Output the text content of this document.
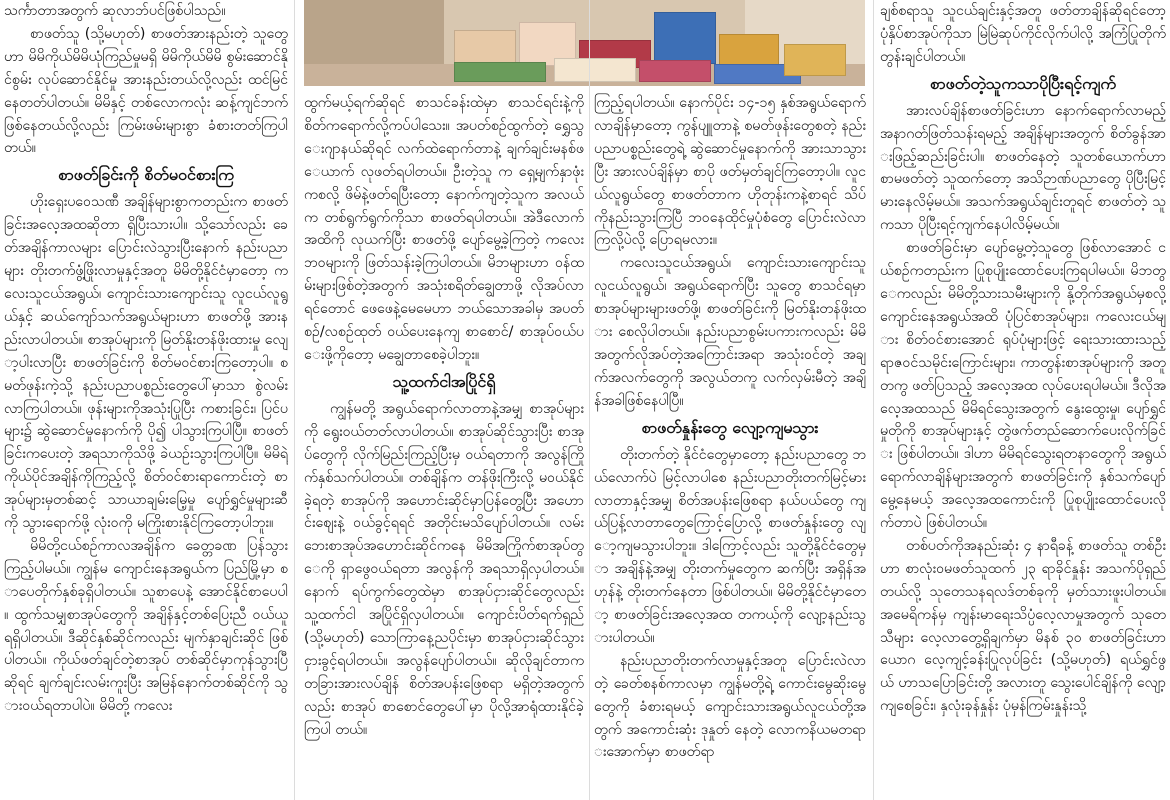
သင်္ကာတာအတွက် ဆုလာဘ်ပင်ဖြစ်ပါသည်။

စာဖတ်သူ (သို့မဟုတ်) စာဖတ်အားနည်းတဲ့ သူတွေဟာ မိမိကိုယ်မိမိယုံကြည်မှုမရှိ မိမိကိုယ်မိမိ စွမ်းဆောင်နိုင်စွမ်း လုပ်ဆောင်နိုင်မှု အားနည်းတယ်လို့လည်း ထင်မြင်နေတတ်ပါတယ်။ မိမိနှင့် တစ်လောကလုံး ဆန့်ကျင်ဘက်ဖြစ်နေတယ်လို့လည်း ကြမ်းဖမ်းများစွာ ခံစားတတ်ကြပါတယ်။

စာဖတ်ခြင်းကို စိတ်မဝင်စားကြ

ဟိုးရှေးပဝေသဏီ အချိန်များစွာကတည်းက စာဖတ်ခြင်းအလေ့အထဆိုတာ ရှိပြီးသားပါ။ သို့သော်လည်း ခေတ်အချိန်ကာလများ ပြောင်းလဲသွားပြီးနောက် နည်းပညာများ တိုးတက်ဖွံ့ဖြိုးလာမှုနှင့်အတူ မိမိတို့နိုင်ငံမှာတော့ ကလေးသူငယ်အရွယ်၊ ကျောင်းသားကျောင်းသူ လူငယ်လူရွယ်နှင့် ဆယ်ကျော်သက်အရွယ်များဟာ စာဖတ်ဖို့ အားနည်းလာပါတယ်။ စာအုပ်များကို မြတ်နိုးတန်ဖိုးထားမှု လျော့ပါးလာပြီး စာဖတ်ခြင်းကို စိတ်မဝင်စားကြတော့ပါ။ စမတ်ဖုန်းကဲ့သို့ နည်းပညာပစ္စည်းတွေပေါ်မှာသာ စွဲလမ်းလာကြပါတယ်။ ဖုန်းများကိုအသုံးပြုပြီး ကစားခြင်း၊ ပြင်ပများ၌ ဆွဲဆောင်မှုနောက်ကို ပို၍ ပါသွားကြပါပြီ။ စာဖတ်ခြင်းကပေးတဲ့ အရသာကိုသိဖို့ ခဲယဉ်းသွားကြပါပြီ။ မိမိရဲ့ ကိုယ်ပိုင်အချိန်ကိုကြည့်လို့ စိတ်ဝင်စားရာကောင်းတဲ့ စာအုပ်များမှတစ်ဆင့် သာယာချမ်းမြေ့မှု ပျော်ရွှင်မှုများဆီကို သွားရောက်ဖို့ လုံးဝကို မကြိုးစားနိုင်ကြတော့ပါဘူး။

မိမိတို့ငယ်စဉ်ကာလအချိန်က ခေတ္တခဏ ပြန်သွားကြည့်ပါမယ်။ ကျွန်မ ကျောင်းနေအရွယ်က ပြည်မြို့မှာ စာပေတိုက်နှစ်ခုရှိပါတယ်။ သူစာပေနဲ့ အောင်နိုင်စာပေပါ။ ထွက်သမျှစာအုပ်တွေကို အချိန်နှင့်တစ်ပြေးညီ ဝယ်ယူရရှိပါတယ်။ ဒီဆိုင်နှစ်ဆိုင်ကလည်း မျက်နှာချင်းဆိုင် ဖြစ်ပါတယ်။ ကိုယ်ဖတ်ချင်တဲ့စာအုပ် တစ်ဆိုင်မှာကုန်သွားပြီဆိုရင် ချက်ချင်းလမ်းကူးပြီး အမြန်နောက်တစ်ဆိုင်ကို သွားဝယ်ရတာပါပဲ။ မိမိတို့ ကလေး

ထွက်မယ့်ရက်ဆိုရင် စာသင်ခန်းထဲမှာ စာသင်ရင်းနဲ့ကို စိတ်ကရောက်လို့ကပ်ပါသေး။ အပတ်စဉ်ထွက်တဲ့ ရွှေသွေးဂျာနယ်ဆိုရင် လက်ထဲရောက်တာနဲ့ ချက်ချင်းမနစ်ဖေယာက် လုဖတ်ရပါတယ်။ ဦးတဲ့သူ က ရှေ့မျက်နှာဖုံးကစလို့ ဖိမ်နဲ့ဖတ်ရပြီးတော့ နောက်ကျတဲ့သူက အလယ်က တစ်ရွက်ရွက်ကိုသာ စာဖတ်ရပါတယ်။ အဲဒီလောက်အထိကို လုယက်ပြီး စာဖတ်ဖို့ ပျော်မွေ့ခဲ့ကြတဲ့ ကလေးဘဝများကို ဖြတ်သန်းခဲ့ကြပါတယ်။ မိဘများဟာ ဝန်ထမ်းများဖြစ်တဲ့အတွက် အသုံးစရိတ်ချွေတာဖို့ လိုအပ်လာရင်တောင် ဖေဖေနဲ့မေမေဟာ ဘယ်သောအခါမှ အပတ်စဉ်/လစဉ်ထုတ် ဝယ်ပေးနေကျ စာစောင်/ စာအုပ်ဝယ်ပေးဖို့ကိုတော့ မချွေတာစေခဲ့ပါဘူး။

သူ့ထက်ငါအပြိုင်ရှိ

ကျွန်မတို့ အရွယ်ရောက်လာတာနဲ့အမျှ စာအုပ်များကို ရွေးဝယ်တတ်လာပါတယ်။ စာအုပ်ဆိုင်သွားပြီး စာအုပ်တွေကို လိုက်မြည်းကြည့်ပြီးမှ ဝယ်ရတာကို အလွန်ကြိုက်နှစ်သက်ပါတယ်။ တစ်ချိန်က တန်ဖိုးကြီးလို့ မဝယ်နိုင်ခဲ့ရတဲ့ စာအုပ်ကို အဟောင်းဆိုင်မှာပြန်တွေ့ပြီး အဟောင်းစျေးနဲ့ ဝယ်ခွင့်ရရင် အတိုင်းမသိပျော်ပါတယ်။ လမ်းဘေးစာအုပ်အဟောင်းဆိုင်ကနေ မိမိအကြိုက်စာအုပ်တွေကို ရှာဖွေဝယ်ရတာ အလွန်ကို အရသာရှိလှပါတယ်။ နောက် ရပ်ကွက်တွေထဲမှာ စာအုပ်ငှားဆိုင်တွေလည်း သူ့ထက်ငါ အပြိုင်ရှိလှပါတယ်။ ကျောင်းပိတ်ရက်ရှည် (သို့မဟုတ်) သောကြာနေ့ညပိုင်းမှာ စာအုပ်ငှားဆိုင်သွားငှားခွင့်ရပါတယ်။ အလွန်ပျော်ပါတယ်။ ဆိုလိုချင်တာက တခြားအားလပ်ချိန် စိတ်အပန်းဖြေစရာ မရှိတဲ့အတွက်လည်း စာအုပ် စာစောင်တွေပေါ်မှာ ပိုလို့အာရုံထားနိုင်ခဲ့ကြပါ တယ်။

ကြည့်ရပါတယ်။ နောက်ပိုင်း ၁၄-၁၅ နှစ်အရွယ်ရောက်လာချိန်မှာတော့ ကွန်ပျူတာနဲ့ စမတ်ဖုန်းတွေစတဲ့ နည်းပညာပစ္စည်းတွေရဲ့ ဆွဲဆောင်မှုနောက်ကို အားသာသွားပြီး အားလပ်ချိန်မှာ စာပို ဖတ်မှတ်ချင်ကြတော့ပါ။ လူငယ်လူရွယ်တွေ စာဖတ်တာက ဟိုတုန်းကနဲ့စာရင် သိပ်ကိုနည်းသွားကြပြီ ဘဝနေထိုင်မှုပုံစံတွေ ပြောင်းလဲလာကြလို့ပဲလို့ ပြောရမလား။

ကလေးသူငယ်အရွယ်၊ ကျောင်းသားကျောင်းသူ လူငယ်လူရွယ်၊ အရွယ်ရောက်ပြီး သူတွေ စာသင်ရမှာ စာအုပ်များများဖတ်ဖို့၊ စာဖတ်ခြင်းကို မြတ်နိုးတန်ဖိုးထား စေလိုပါတယ်။ နည်းပညာစွမ်းပကားကလည်း မိမိအတွက်လိုအပ်တဲ့အကြောင်းအရာ အသုံးဝင်တဲ့ အချက်အလက်တွေကို အလွယ်တကူ လက်လှမ်းမီတဲ့ အချိန်အခါဖြစ်နေပါပြီ။

စာဖတ်နှုန်းတွေ လျော့ကျမသွား

တိုးတက်တဲ့ နိုင်ငံတွေမှာတော့ နည်းပညာတွေ ဘယ်လောက်ပဲ မြင့်လာပါစေ နည်းပညာတိုးတက်မြင့်မားလာတာနှင့်အမျှ စိတ်အပန်းဖြေစရာ နယ်ပယ်တွေ ကျယ်ပြန့်လာတာတွေကြောင့်ပြောလို့ စာဖတ်နှုန်းတွေ လျော့ကျမသွားပါဘူး။ ဒါကြောင့်လည်း သူတို့နိုင်ငံတွေမှာ အချိန်နဲ့အမျှ တိုးတက်မှုတွေက ဆက်ပြီး အရှိန်အဟုန်နဲ့ တိုးတက်နေတာ ဖြစ်ပါတယ်။ မိမိတို့နိုင်ငံမှာတော့ စာဖတ်ခြင်းအလေ့အထ တကယ့်ကို လျော့နည်းသွားပါတယ်။

နည်းပညာတိုးတက်လာမှုနှင့်အတူ ပြောင်းလဲလာတဲ့ ခေတ်စနစ်ကာလမှာ ကျွန်မတို့ရဲ့ ကောင်းမွေဆိုးမွေတွေကို ခံစားရမယ့် ကျောင်းသားအရွယ်လူငယ်တို့အတွက် အကောင်းဆုံး ဒုနှုတ် နေတဲ့ လောကနိယမတရားအောက်မှာ စာဖတ်ရာ

ချစ်စရာသူ သူငယ်ချင်းနှင့်အတူ ဖတ်တာချိန်ဆိုရင်တော့ ပုံနှိပ်စာအုပ်ကိုသာ မြဲမြဲဆုပ်ကိုင်လိုက်ပါလို့ အကြံပြုတိုက်တွန်းချင်ပါတယ်။

စာဖတ်တဲ့သူကသာပိုပြီးရင့်ကျက်

အားလပ်ချိန်စာဖတ်ခြင်းဟာ နောက်ရောက်လာမည့် အနာဂတ်ဖြတ်သန်းရမည့် အချိန်များအတွက် စိတ်ခွန်အားဖြည့်ဆည်းခြင်းပါ။ စာဖတ်နေတဲ့ သူတစ်ယောက်ဟာ စာမဖတ်တဲ့ သူထက်တော့ အသိဉာဏ်ပညာတွေ ပိုပြီးမြင့်မားနေလိမ့်မယ်။ အသက်အရွယ်ချင်းတူရင် စာဖတ်တဲ့ သူကသာ ပိုပြီးရင့်ကျက်နေပါလိမ့်မယ်။

စာဖတ်ခြင်းမှာ ပျော်မွေ့တဲ့သူတွေ ဖြစ်လာအောင် ငယ်စဉ်ကတည်းက ပြုစုပျိုးထောင်ပေးကြရပါမယ်။ မိဘတွေကလည်း မိမိတို့သားသမီးများကို နို့တိုက်အရွယ်မှစလို့ ကျောင်းနေအရွယ်အထိ ပုံပြင်စာအုပ်များ၊ ကလေးငယ်များ စိတ်ဝင်စားအောင် ရုပ်ပုံများဖြင့် ရေးသားထားသည့် ရာဇဝင်သမိုင်းကြောင်းများ၊ ကာတွန်းစာအုပ်များကို အတူတကွ ဖတ်ပြသည့် အလေ့အထ လုပ်ပေးရပါမယ်။ ဒီလိုအလေ့အထသည် မိမိရင်သွေးအတွက် နွေးထွေးမှု၊ ပျော်ရွှင်မှုတိုကို စာအုပ်များနှင့် တွဲဖက်တည်ဆောက်ပေးလိုက်ခြင်း ဖြစ်ပါတယ်။ ဒါဟာ မိမိရင်သွေးရတနာတွေကို အရွယ်ရောက်လာချိန်များအတွက် စာဖတ်ခြင်းကို နှစ်သက်ပျော်မွေ့နေမယ့် အလေ့အထကောင်းကို ပြုစုပျိုးထောင်ပေးလိုက်တာပဲ ဖြစ်ပါတယ်။

တစ်ပတ်ကိုအနည်းဆုံး ၄ နာရီခန့် စာဖတ်သူ တစ်ဦးဟာ စာလုံးဝမဖတ်သူထက် ၂၃ ရာခိုင်နှုန်း အသက်ပိုရှည်တယ်လို့ သုတေသနရလဒ်တစ်ခုကို မှတ်သားဖူးပါတယ်။ အမေရိကန်မှ ကျန်းမာရေးသိပ္ပံလေ့လာမှုအတွက် သုတေသီများ လေ့လာတွေ့ရှိချက်မှာ မိနစ် ၃၀ စာဖတ်ခြင်းဟာ ယောဂ လေ့ကျင့်ခန်းပြုလုပ်ခြင်း (သို့မဟုတ်) ရယ်ရွှင်ဖွယ် ဟာသပြောခြင်းတို့ အလားတူ သွေးပေါင်ချိန်ကို လျော့ကျစေခြင်း၊ နှလုံးခုန်နှုန်း ပုံမှန်ကြမ်းနှုန်းသို့
